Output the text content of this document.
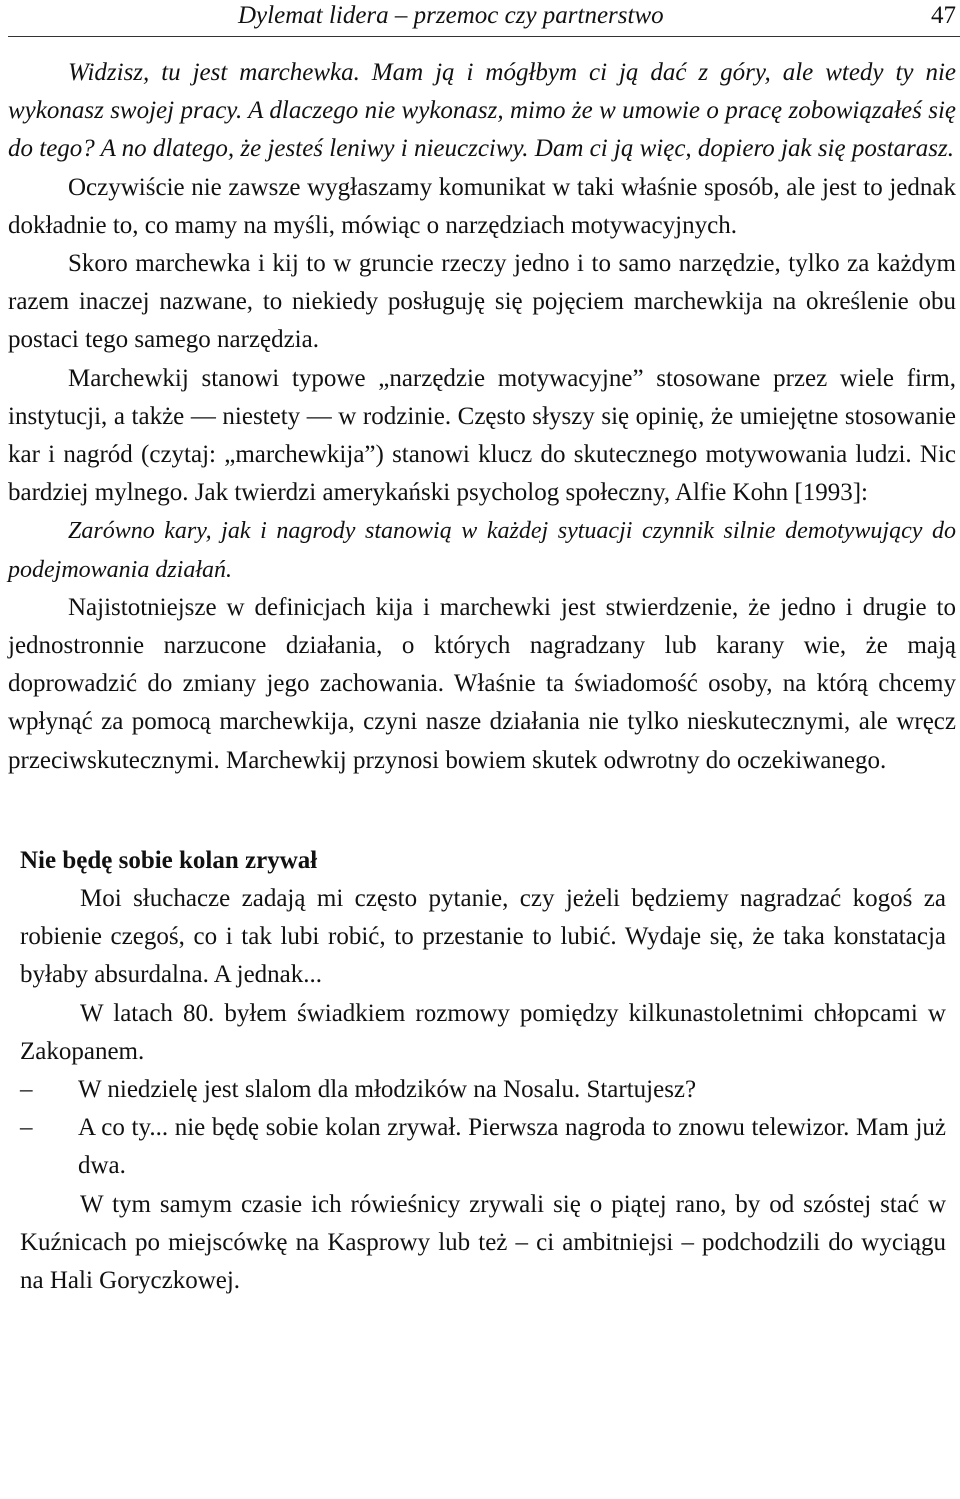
Dylemat lidera – przemoc czy partnerstwo	47

Widzisz, tu jest marchewka. Mam ją i mógłbym ci ją dać z góry, ale wtedy ty nie wykonasz swojej pracy. A dlaczego nie wykonasz, mimo że w umowie o pracę zobowiązałeś się do tego? A no dlatego, że jesteś leniwy i nieuczciwy. Dam ci ją więc, dopiero jak się postarasz.

Oczywiście nie zawsze wygłaszamy komunikat w taki właśnie sposób, ale jest to jednak dokładnie to, co mamy na myśli, mówiąc o narzędziach motywacyjnych.

Skoro marchewka i kij to w gruncie rzeczy jedno i to samo narzędzie, tylko za każdym razem inaczej nazwane, to niekiedy posługuję się pojęciem marchewkija na określenie obu postaci tego samego narzędzia.

Marchewkij stanowi typowe „narzędzie motywacyjne” stosowane przez wiele firm, instytucji, a także — niestety — w rodzinie. Często słyszy się opinię, że umiejętne stosowanie kar i nagród (czytaj: „marchewkija”) stanowi klucz do skutecznego motywowania ludzi. Nic bardziej mylnego. Jak twierdzi amerykański psycholog społeczny, Alfie Kohn [1993]:

Zarówno kary, jak i nagrody stanowią w każdej sytuacji czynnik silnie demotywujący do podejmowania działań.

Najistotniejsze w definicjach kija i marchewki jest stwierdzenie, że jedno i drugie to jednostronnie narzucone działania, o których nagradzany lub karany wie, że mają doprowadzić do zmiany jego zachowania. Właśnie ta świadomość osoby, na którą chcemy wpłynąć za pomocą marchewkija, czyni nasze działania nie tylko nieskutecznymi, ale wręcz przeciwskutecznymi. Marchewkij przynosi bowiem skutek odwrotny do oczekiwanego.

Nie będę sobie kolan zrywał

Moi słuchacze zadają mi często pytanie, czy jeżeli będziemy nagradzać kogoś za robienie czegoś, co i tak lubi robić, to przestanie to lubić. Wydaje się, że taka konstatacja byłaby absurdalna. A jednak...

W latach 80. byłem świadkiem rozmowy pomiędzy kilkunastoletnimi chłopcami w Zakopanem.

–	W niedzielę jest slalom dla młodzików na Nosalu. Startujesz?
–	A co ty... nie będę sobie kolan zrywał. Pierwsza nagroda to znowu telewizor. Mam już dwa.

W tym samym czasie ich rówieśnicy zrywali się o piątej rano, by od szóstej stać w Kuźnicach po miejscówkę na Kasprowy lub też – ci ambitniejsi – podchodzili do wyciągu na Hali Goryczkowej.
